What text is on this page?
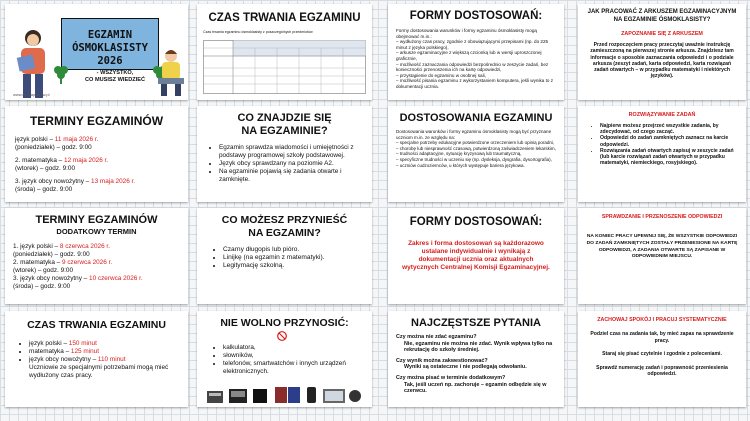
EGZAMIN
ÓSMOKLASISTY 2026
- WSZYSTKO,
CO MUSISZ WIEDZIEĆ
www.nikolaplacew.pl
CZAS TRWANIA EGZAMINU
Czas trwania egzaminu ósmoklasisty z poszczególnych przedmiotów
FORMY DOSTOSOWAŃ:
Formy dostosowania warunków i formy egzaminu ósmoklasisty mogą obejmować m.in.:
– wydłużony czas pracy, zgodnie z obowiązującymi przepisami (np. do 225 minut z języka polskiego),
– arkusze egzaminacyjne z większą czcionką lub w wersji uproszczonej graficznie,
– możliwość zaznaczania odpowiedzi bezpośrednio w zeszycie zadań, bez konieczności przenoszenia ich na kartę odpowiedzi,
– przystąpienie do egzaminu w osobnej sali,
– możliwość pisania egzaminu z wykorzystaniem komputera, jeśli wynika to z dokumentacji ucznia.
JAK PRACOWAĆ Z ARKUSZEM EGZAMINACYJNYM NA EGZAMINIE ÓSMOKLASISTY?
ZAPOZNANIE SIĘ Z ARKUSZEM
Przed rozpoczęciem pracy przeczytaj uważnie instrukcję zamieszczoną na pierwszej stronie arkusza. Znajdziesz tam informacje o sposobie zaznaczania odpowiedzi i o podziale arkusza (zeszyt zadań, karta odpowiedzi, karta rozwiązań zadań otwartych – w przypadku matematyki i niektórych języków).
TERMINY EGZAMINÓW
język polski – 11 maja 2026 r.
(poniedziałek) – godz. 9:00
2. matematyka – 12 maja 2026 r.
(wtorek) – godz. 9:00
3. język obcy nowożytny – 13 maja 2026 r.
(środa) – godz. 9:00
CO ZNAJDZIE SIĘ
NA EGZAMINIE?
• Egzamin sprawdza wiadomości i umiejętności z podstawy programowej szkoły podstawowej.
• Język obcy sprawdzany na poziomie A2.
• Na egzaminie pojawią się zadania otwarte i zamknięte.
DOSTOSOWANIA EGZAMINU
Dostosowania warunków i formy egzaminu ósmoklasisty mogą być przyznane uczniom m.in. ze względu na:
– specjalne potrzeby edukacyjne potwierdzone orzeczeniem lub opinią poradni,
– chorobę lub niesprawność czasową, potwierdzoną zaświadczeniem lekarskim,
– trudności adaptacyjne, sytuację kryzysową lub traumatyczną,
– specyficzne trudności w uczeniu się (np. dysleksja, dysgrafia, dysortografia),
– uczniów cudzoziemców, u których występuje bariera językowa.
ROZWIĄZYWANIE ZADAŃ
• Najpierw możesz przejrzeć wszystkie zadania, by zdecydować, od czego zacząć.
• Odpowiedzi do zadań zamkniętych zaznacz na karcie odpowiedzi.
• Rozwiązania zadań otwartych zapisuj w zeszycie zadań (lub karcie rozwiązań zadań otwartych w przypadku matematyki, niemieckiego, rosyjskiego).
TERMINY EGZAMINÓW
DODATKOWY TERMIN
1. język polski – 8 czerwca 2026 r.
(poniedziałek) – godz. 9:00
2. matematyka – 9 czerwca 2026 r.
(wtorek) – godz. 9:00
3. język obcy nowożytny – 10 czerwca 2026 r.
(środa) – godz. 9:00
CO MOŻESZ PRZYNIEŚĆ
NA EGZAMIN?
• Czarny długopis lub pióro.
• Linijkę (na egzamin z matematyki).
• Legitymację szkolną.
FORMY DOSTOSOWAŃ:
Zakres i forma dostosowań są każdorazowo ustalane indywidualnie i wynikają z dokumentacji ucznia oraz aktualnych wytycznych Centralnej Komisji Egzaminacyjnej.
SPRAWDZANIE I PRZENOSZENIE ODPOWIEDZI
NA KONIEC PRACY UPEWNIJ SIĘ, ŻE WSZYSTKIE ODPOWIEDZI DO ZADAŃ ZAMKNIĘTYCH ZOSTAŁY PRZENIESIONE NA KARTĘ ODPOWIEDZI, A ZADANIA OTWARTE SĄ ZAPISANE W ODPOWIEDNIM MIEJSCU.
CZAS TRWANIA EGZAMINU
• język polski – 150 minut
• matematyka – 125 minut
• język obcy nowożytny – 110 minut
Uczniowie ze specjalnymi potrzebami mogą mieć wydłużony czas pracy.
NIE WOLNO PRZYNOSIĆ:
• kalkulatora,
• słowników,
• telefonów, smartwatchów i innych urządzeń elektronicznych.
NAJCZĘSTSZE PYTANIA
Czy można nie zdać egzaminu?
Nie, egzaminu nie można nie zdać. Wynik wpływa tylko na rekrutację do szkoły średniej.
Czy wynik można zakwestionować?
Wyniki są ostateczne i nie podlegają odwołaniu.
Czy można pisać w terminie dodatkowym?
Tak, jeśli uczeń np. zachoruje – egzamin odbędzie się w czerwcu.
ZACHOWAJ SPOKÓJ I PRACUJ SYSTEMATYCZNIE
Podziel czas na zadania tak, by mieć zapas na sprawdzenie pracy.
Staraj się pisać czytelnie i zgodnie z poleceniami.
Sprawdź numerację zadań i poprawność przeniesienia odpowiedzi.
